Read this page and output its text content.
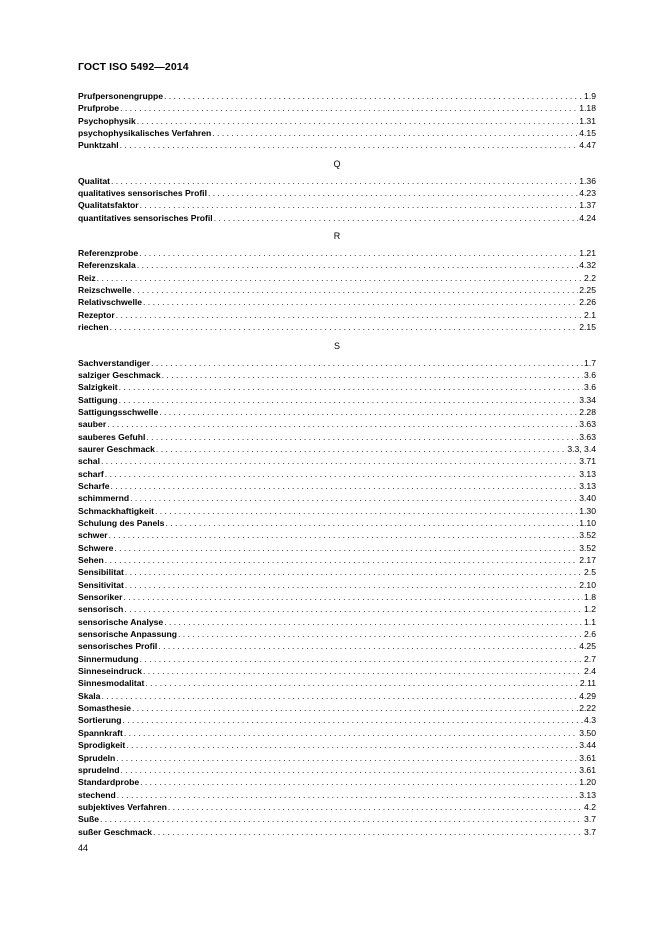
ГОСТ ISO 5492—2014
Prufpersonengruppe . . .	1.9
Prufprobe . . .	1.18
Psychophysik . . .	1.31
psychophysikalisches Verfahren . . .	4.15
Punktzahl . . .	4.47
Q
Qualitat . . .	1.36
qualitatives sensorisches Profil . . .	4.23
Qualitatsfaktor . . .	1.37
quantitatives sensorisches Profil . . .	4.24
R
Referenzprobe . . .	1.21
Referenzskala . . .	4.32
Reiz . . .	2.2
Reizschwelle . . .	2.25
Relativschwelle . . .	2.26
Rezeptor . . .	2.1
riechen . . .	2.15
S
Sachverstandiger . . .	1.7
salziger Geschmack . . .	3.6
Salzigkeit . . .	3.6
Sattigung . . .	3.34
Sattigungsschwelle . . .	2.28
sauber . . .	3.63
sauberes Gefuhl . . .	3.63
saurer Geschmack . . .	3.3, 3.4
schal . . .	3.71
scharf . . .	3.13
Scharfe . . .	3.13
schimmernd . . .	3.40
Schmackhaftigkeit . . .	1.30
Schulung des Panels . . .	1.10
schwer . . .	3.52
Schwere . . .	3.52
Sehen . . .	2.17
Sensibilitat . . .	2.5
Sensitivitat . . .	2.10
Sensoriker . . .	1.8
sensorisch . . .	1.2
sensorische Analyse . . .	1.1
sensorische Anpassung . . .	2.6
sensorisches Profil . . .	4.25
Sinnermudung . . .	2.7
Sinneseindruck . . .	2.4
Sinnesmodalitat . . .	2.11
Skala . . .	4.29
Somasthesie . . .	2.22
Sortierung . . .	4.3
Spannkraft . . .	3.50
Sprodigkeit . . .	3.44
Sprudeln . . .	3.61
sprudelnd . . .	3.61
Standardprobe . . .	1.20
stechend . . .	3.13
subjektives Verfahren . . .	4.2
Suße . . .	3.7
sußer Geschmack . . .	3.7
44
